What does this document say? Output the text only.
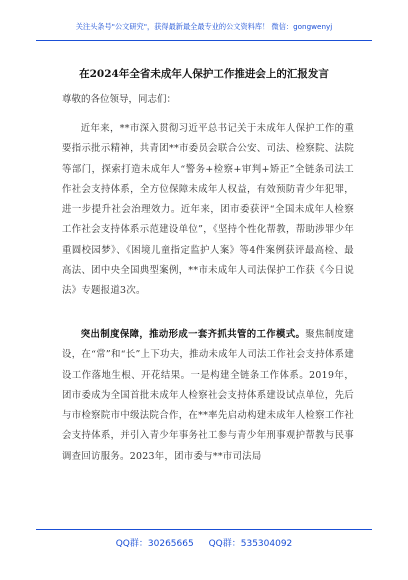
关注头条号"公文研究"，获得最新最全最专业的公文资料库！ 微信：gongwenyj
在2024年全省未成年人保护工作推进会上的汇报发言
尊敬的各位领导，同志们：
近年来，**市深入贯彻习近平总书记关于未成年人保护工作的重要指示批示精神，共青团**市委员会联合公安、司法、检察院、法院等部门，探索打造未成年人“警务+检察+审判+矫正”全链条司法工作社会支持体系，全方位保障未成年人权益，有效预防青少年犯罪，进一步提升社会治理效力。近年来，团市委获评“全国未成年人检察工作社会支持体系示范建设单位”，《坚持个性化帮教，帮助涉罪少年重圆校园梦》、《困境儿童指定监护人案》等4件案例获评最高检、最高法、团中央全国典型案例，**市未成年人司法保护工作获《今日说法》专题报道3次。
突出制度保障，推动形成一套齐抓共管的工作模式。聚焦制度建设，在“常”和“长”上下功夫，推动未成年人司法工作社会支持体系建设工作落地生根、开花结果。一是构建全链条工作体系。2019年，团市委成为全国首批未成年人检察社会支持体系建设试点单位，先后与市检察院市中级法院合作，在**率先启动构建未成年人检察工作社会支持体系，并引入青少年事务社工参与青少年刑事观护帮教与民事调查回访服务。2023年，团市委与**市司法局
QQ群：30265665 QQ群：535304092
